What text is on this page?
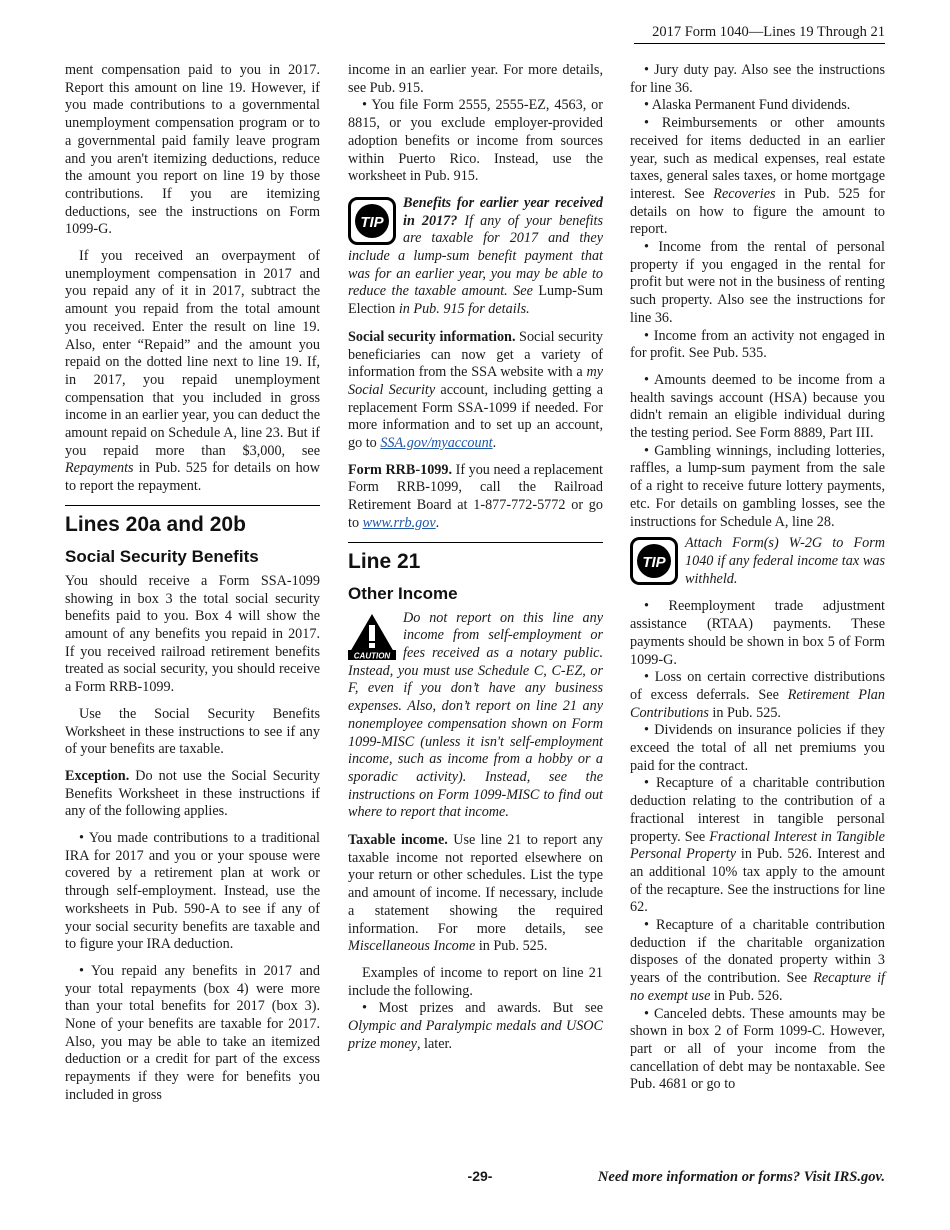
2017 Form 1040—Lines 19 Through 21

ment compensation paid to you in 2017. Report this amount on line 19. However, if you made contributions to a governmental unemployment compensation program or to a governmental paid family leave program and you aren't itemizing deductions, reduce the amount you report on line 19 by those contributions. If you are itemizing deductions, see the instructions on Form 1099-G.

If you received an overpayment of unemployment compensation in 2017 and you repaid any of it in 2017, subtract the amount you repaid from the total amount you received. Enter the result on line 19. Also, enter “Repaid” and the amount you repaid on the dotted line next to line 19. If, in 2017, you repaid unemployment compensation that you included in gross income in an earlier year, you can deduct the amount repaid on Schedule A, line 23. But if you repaid more than $3,000, see Repayments in Pub. 525 for details on how to report the repayment.

Lines 20a and 20b
Social Security Benefits

You should receive a Form SSA-1099 showing in box 3 the total social security benefits paid to you. Box 4 will show the amount of any benefits you repaid in 2017. If you received railroad retirement benefits treated as social security, you should receive a Form RRB-1099.

Use the Social Security Benefits Worksheet in these instructions to see if any of your benefits are taxable.

Exception. Do not use the Social Security Benefits Worksheet in these instructions if any of the following applies.

• You made contributions to a traditional IRA for 2017 and you or your spouse were covered by a retirement plan at work or through self-employment. Instead, use the worksheets in Pub. 590-A to see if any of your social security benefits are taxable and to figure your IRA deduction.

• You repaid any benefits in 2017 and your total repayments (box 4) were more than your total benefits for 2017 (box 3). None of your benefits are taxable for 2017. Also, you may be able to take an itemized deduction or a credit for part of the excess repayments if they were for benefits you included in gross

income in an earlier year. For more details, see Pub. 915.

• You file Form 2555, 2555-EZ, 4563, or 8815, or you exclude employer-provided adoption benefits or income from sources within Puerto Rico. Instead, use the worksheet in Pub. 915.

TIP
Benefits for earlier year received in 2017? If any of your benefits are taxable for 2017 and they include a lump-sum benefit payment that was for an earlier year, you may be able to reduce the taxable amount. See Lump-Sum Election in Pub. 915 for details.

Social security information. Social security beneficiaries can now get a variety of information from the SSA website with a my Social Security account, including getting a replacement Form SSA-1099 if needed. For more information and to set up an account, go to SSA.gov/myaccount.

Form RRB-1099. If you need a replacement Form RRB-1099, call the Railroad Retirement Board at 1-877-772-5772 or go to www.rrb.gov.

Line 21
Other Income
CAUTION
Do not report on this line any income from self-employment or fees received as a notary public. Instead, you must use Schedule C, C-EZ, or F, even if you don’t have any business expenses. Also, don’t report on line 21 any nonemployee compensation shown on Form 1099-MISC (unless it isn't self-employment income, such as income from a hobby or a sporadic activity). Instead, see the instructions on Form 1099-MISC to find out where to report that income.

Taxable income. Use line 21 to report any taxable income not reported elsewhere on your return or other schedules. List the type and amount of income. If necessary, include a statement showing the required information. For more details, see Miscellaneous Income in Pub. 525.

Examples of income to report on line 21 include the following.

• Most prizes and awards. But see Olympic and Paralympic medals and USOC prize money, later.

• Jury duty pay. Also see the instructions for line 36.

• Alaska Permanent Fund dividends.

• Reimbursements or other amounts received for items deducted in an earlier year, such as medical expenses, real estate taxes, general sales taxes, or home mortgage interest. See Recoveries in Pub. 525 for details on how to figure the amount to report.

• Income from the rental of personal property if you engaged in the rental for profit but were not in the business of renting such property. Also see the instructions for line 36.

• Income from an activity not engaged in for profit. See Pub. 535.

• Amounts deemed to be income from a health savings account (HSA) because you didn't remain an eligible individual during the testing period. See Form 8889, Part III.

• Gambling winnings, including lotteries, raffles, a lump-sum payment from the sale of a right to receive future lottery payments, etc. For details on gambling losses, see the instructions for Schedule A, line 28.

TIP
Attach Form(s) W-2G to Form 1040 if any federal income tax was withheld.

• Reemployment trade adjustment assistance (RTAA) payments. These payments should be shown in box 5 of Form 1099-G.

• Loss on certain corrective distributions of excess deferrals. See Retirement Plan Contributions in Pub. 525.

• Dividends on insurance policies if they exceed the total of all net premiums you paid for the contract.

• Recapture of a charitable contribution deduction relating to the contribution of a fractional interest in tangible personal property. See Fractional Interest in Tangible Personal Property in Pub. 526. Interest and an additional 10% tax apply to the amount of the recapture. See the instructions for line 62.

• Recapture of a charitable contribution deduction if the charitable organization disposes of the donated property within 3 years of the contribution. See Recapture if no exempt use in Pub. 526.

• Canceled debts. These amounts may be shown in box 2 of Form 1099-C. However, part or all of your income from the cancellation of debt may be nontaxable. See Pub. 4681 or go to

-29-	Need more information or forms? Visit IRS.gov.
